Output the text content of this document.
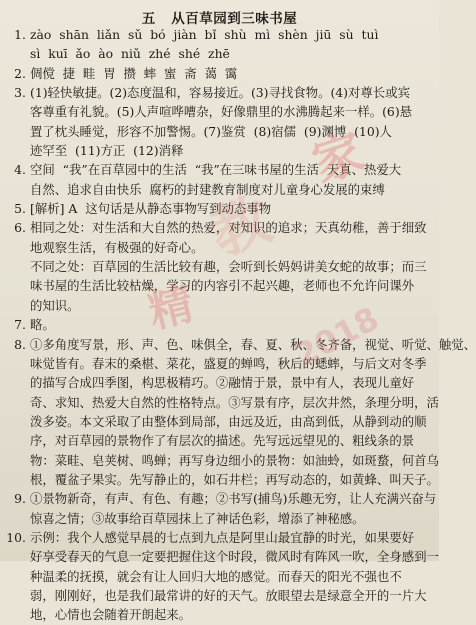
五   从百草园到三味书屋
1. zào  shān  liǎn  sǔ  bó  jiàn  bǐ  shù  mì  shèn  jiū  sù  tuì
sì  kuī  ǎo  ào  niǔ  zhé  shé  zhē
2. 倜傥  捷  畦  胃  攒  蟀  蜜  斋  蔼  霭
3. (1)轻快敏捷。(2)态度温和，容易接近。(3)寻找食物。(4)对尊长或宾
客尊重有礼貌。(5)人声喧哗嘈杂，好像鼎里的水沸腾起来一样。(6)悬
置了枕头睡觉，形容不加警惕。(7)鉴赏  (8)宿儒  (9)渊博  (10)人
迹罕至  (11)方正  (12)消释
4. 空间  “我”在百草园中的生活  “我”在三味书屋的生活  天真、热爱大
自然、追求自由快乐  腐朽的封建教育制度对儿童身心发展的束缚
5. [解析] A  这句话是从静态事物写到动态事物
6. 相同之处：对生活和大自然的热爱，对知识的追求；天真幼稚，善于细致
地观察生活，有极强的好奇心。
不同之处：百草园的生活比较有趣，会听到长妈妈讲美女蛇的故事；而三
味书屋的生活比较枯燥，学习的内容引不起兴趣，老师也不允许问课外
的知识。
7. 略。
8. ①多角度写景，形、声、色、味俱全，春、夏、秋、冬齐备，视觉、听觉、触觉、
味觉皆有。春末的桑椹、菜花，盛夏的蝉鸣，秋后的蟋蟀，与后文对冬季
的描写合成四季图，构思极精巧。②融情于景，景中有人，表现儿童好
奇、求知、热爱大自然的性格特点。③写景有序，层次井然，条理分明，活
泼多姿。本文采取了由整体到局部，由远及近，由高到低，从静到动的顺
序，对百草园的景物作了有层次的描述。先写远远望见的、粗线条的景
物：菜畦、皂荚树、鸣蝉；再写身边细小的景物：如油蛉，如斑蝥，何首乌
根，覆盆子果实。先写静止的，如石井栏；再写动态的，如黄蜂、叫天子。
9. ①景物新奇，有声、有色、有趣；②书写(捕鸟)乐趣无穷，让人充满兴奋与
惊喜之情；③故事给百草园抹上了神话色彩，增添了神秘感。
10. 示例：我个人感觉早晨的七点到九点是阿里山最宜静的时光，如果要好
好享受春天的气息一定要把握住这个时段，微风时有阵风一吹，全身感到一
种温柔的抚摸，就会有让人回归大地的感觉。而春天的阳光不强也不
弱，刚刚好，也是我们最常讲的好的天气。放眼望去是绿意全开的一片大
地，心情也会随着开朗起来。
教
家
精	2018
